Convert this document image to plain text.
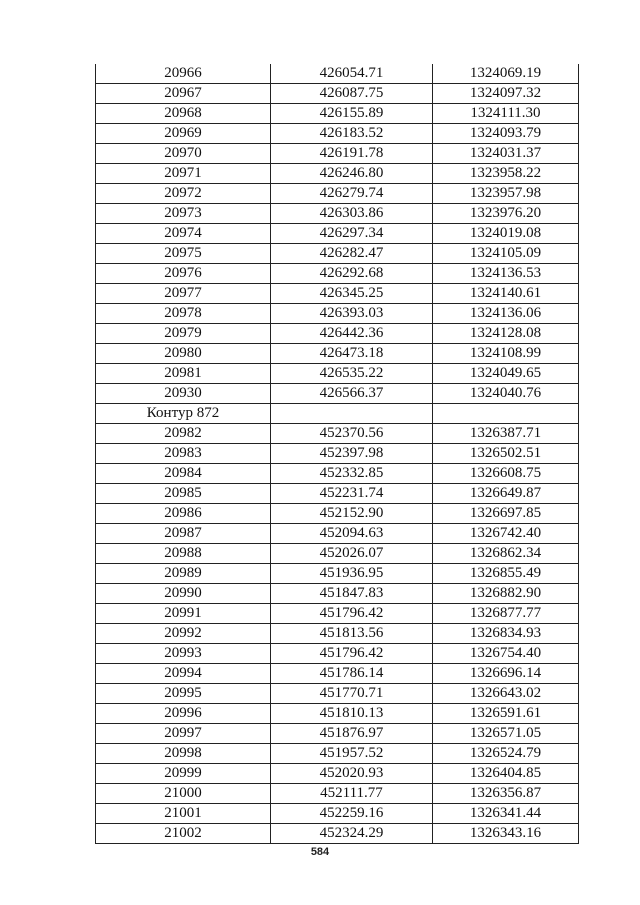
20966	426054.71	1324069.19
20967	426087.75	1324097.32
20968	426155.89	1324111.30
20969	426183.52	1324093.79
20970	426191.78	1324031.37
20971	426246.80	1323958.22
20972	426279.74	1323957.98
20973	426303.86	1323976.20
20974	426297.34	1324019.08
20975	426282.47	1324105.09
20976	426292.68	1324136.53
20977	426345.25	1324140.61
20978	426393.03	1324136.06
20979	426442.36	1324128.08
20980	426473.18	1324108.99
20981	426535.22	1324049.65
20930	426566.37	1324040.76
Контур 872		
20982	452370.56	1326387.71
20983	452397.98	1326502.51
20984	452332.85	1326608.75
20985	452231.74	1326649.87
20986	452152.90	1326697.85
20987	452094.63	1326742.40
20988	452026.07	1326862.34
20989	451936.95	1326855.49
20990	451847.83	1326882.90
20991	451796.42	1326877.77
20992	451813.56	1326834.93
20993	451796.42	1326754.40
20994	451786.14	1326696.14
20995	451770.71	1326643.02
20996	451810.13	1326591.61
20997	451876.97	1326571.05
20998	451957.52	1326524.79
20999	452020.93	1326404.85
21000	452111.77	1326356.87
21001	452259.16	1326341.44
21002	452324.29	1326343.16
584
